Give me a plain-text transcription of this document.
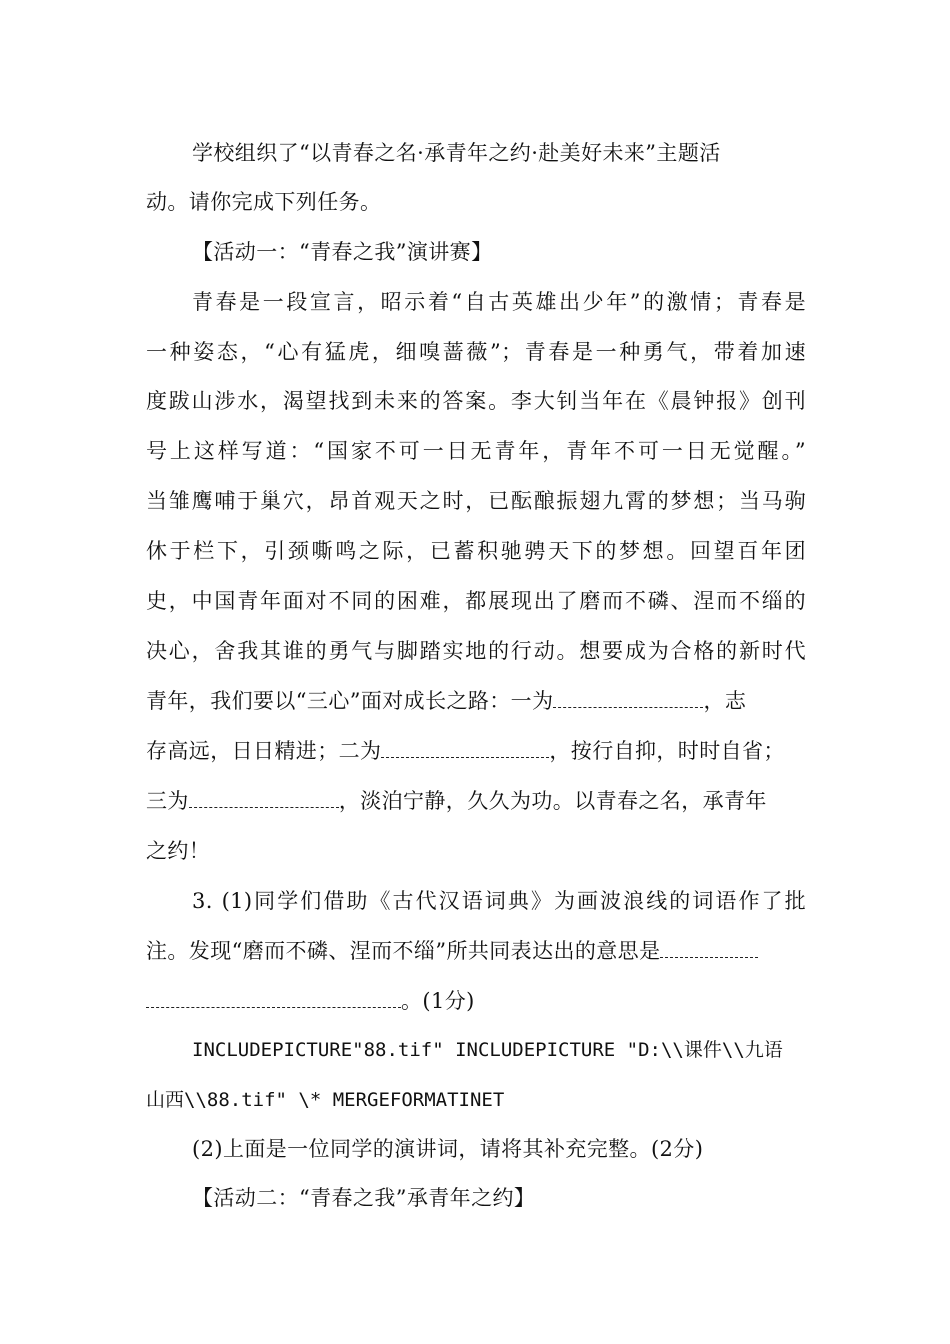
学校组织了“以青春之名·承青年之约·赴美好未来”主题活
动。请你完成下列任务。
【活动一：“青春之我”演讲赛】
青春是一段宣言，昭示着“自古英雄出少年”的激情；青春是
一种姿态，“心有猛虎，细嗅蔷薇”；青春是一种勇气，带着加速
度跋山涉水，渴望找到未来的答案。李大钊当年在《晨钟报》创刊
号上这样写道：“国家不可一日无青年，青年不可一日无觉醒。”
当雏鹰哺于巢穴，昂首观天之时，已酝酿振翅九霄的梦想；当马驹
休于栏下，引颈嘶鸣之际，已蓄积驰骋天下的梦想。回望百年团
史，中国青年面对不同的困难，都展现出了磨而不磷、涅而不缁的
决心，舍我其谁的勇气与脚踏实地的行动。想要成为合格的新时代
青年，我们要以“三心”面对成长之路：一为	，志
存高远，日日精进；二为	，按行自抑，时时自省；
三为	，淡泊宁静，久久为功。以青春之名，承青年
之约！
3. (1)同学们借助《古代汉语词典》为画波浪线的词语作了批
注。发现“磨而不磷、涅而不缁”所共同表达出的意思是
。(1分)
INCLUDEPICTURE"88.tif" INCLUDEPICTURE "D:\\课件\\九语
山西\\88.tif" \* MERGEFORMATINET
(2)上面是一位同学的演讲词，请将其补充完整。(2分)
【活动二：“青春之我”承青年之约】
